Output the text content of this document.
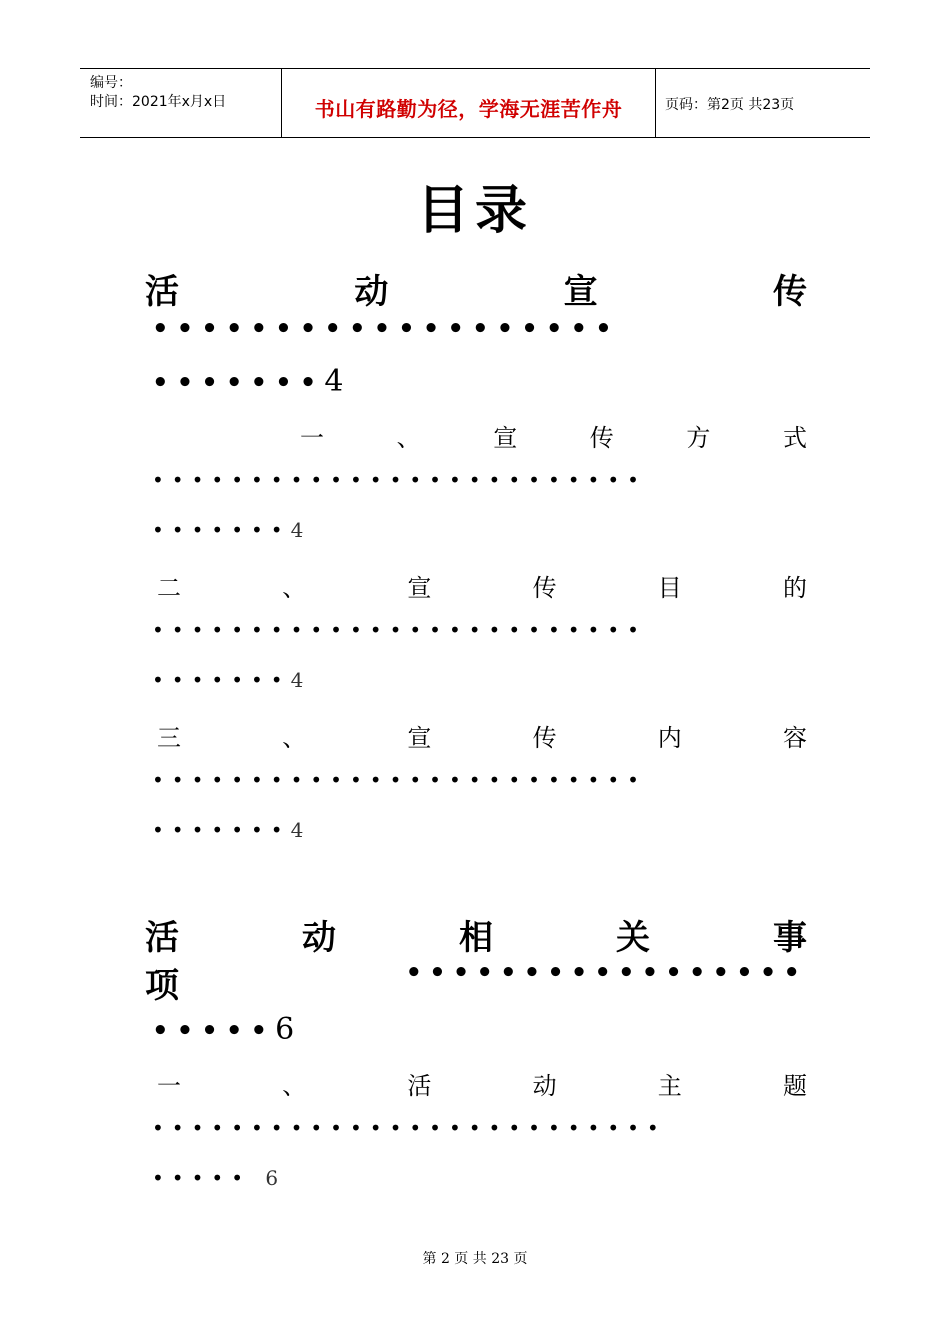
编号：
时间：2021年x月x日	书山有路勤为径，学海无涯苦作舟	页码：第2页 共23页
目录
活	动	宣	传
•••••••••••••••••••
•••••••4
一	、	宣	传	方	式
•••••••••••••••••••••••••
•••••••4
二	、	宣	传	目	的
•••••••••••••••••••••••••
•••••••4
三	、	宣	传	内	容
•••••••••••••••••••••••••
•••••••4
活	动	相	关	事
项	•••••••••••••••••
•••••6
一	、	活	动	主	题
••••••••••••••••••••••••••
••••• 6
第 2 页 共 23 页
